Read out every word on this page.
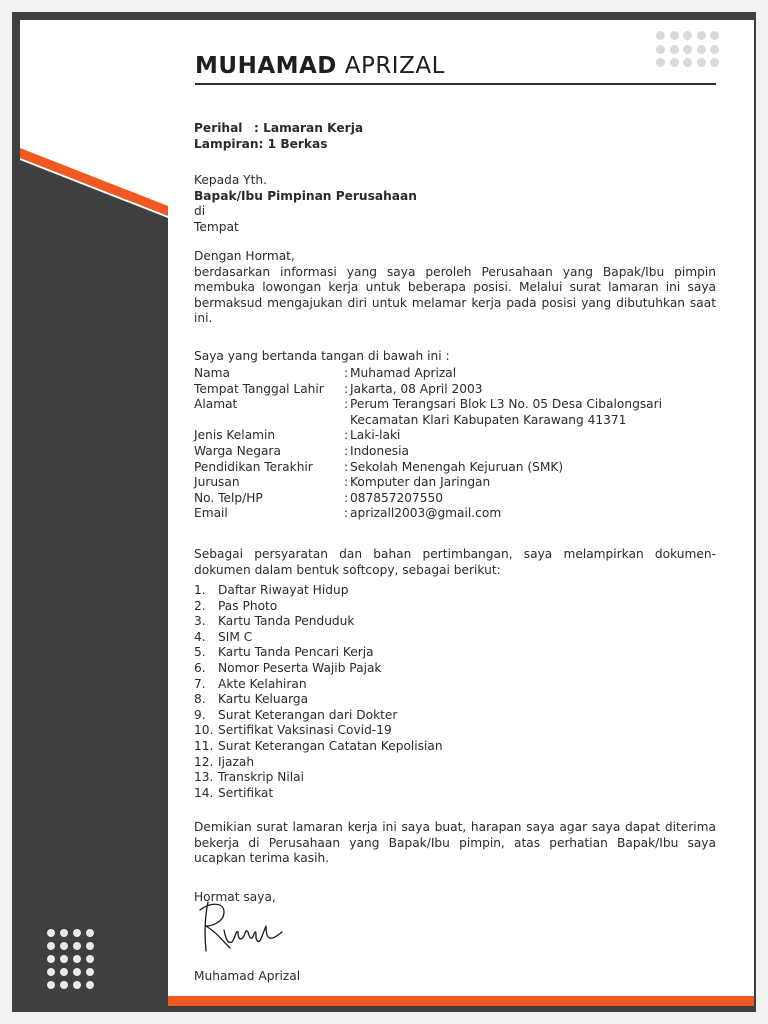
MUHAMAD APRIZAL
Perihal : Lamaran Kerja
Lampiran : 1 Berkas

Kepada Yth.

Bapak/Ibu Pimpinan Perusahaan

di

Tempat

Dengan Hormat,

berdasarkan informasi yang saya peroleh Perusahaan yang Bapak/Ibu pimpin membuka lowongan kerja untuk beberapa posisi. Melalui surat lamaran ini saya bermaksud mengajukan diri untuk melamar kerja pada posisi yang dibutuhkan saat ini.

Saya yang bertanda tangan di bawah ini :

Nama	: Muhamad Aprizal
Tempat Tanggal Lahir	: Jakarta, 08 April 2003
Alamat	: Perum Terangsari Blok L3 No. 05 Desa Cibalongsari Kecamatan Klari Kabupaten Karawang 41371
Jenis Kelamin	: Laki-laki
Warga Negara	: Indonesia
Pendidikan Terakhir	: Sekolah Menengah Kejuruan (SMK)
Jurusan	: Komputer dan Jaringan
No. Telp/HP	: 087857207550
Email	: aprizall2003@gmail.com

Sebagai persyaratan dan bahan pertimbangan, saya melampirkan dokumen-dokumen dalam bentuk softcopy, sebagai berikut:

1.	Daftar Riwayat Hidup
2.	Pas Photo
3.	Kartu Tanda Penduduk
4.	SIM C
5.	Kartu Tanda Pencari Kerja
6.	Nomor Peserta Wajib Pajak
7.	Akte Kelahiran
8.	Kartu Keluarga
9.	Surat Keterangan dari Dokter
10. Sertifikat Vaksinasi Covid-19
11. Surat Keterangan Catatan Kepolisian
12. Ijazah
13. Transkrip Nilai
14. Sertifikat

Demikian surat lamaran kerja ini saya buat, harapan saya agar saya dapat diterima bekerja di Perusahaan yang Bapak/Ibu pimpin, atas perhatian Bapak/Ibu saya ucapkan terima kasih.

Hormat saya,

Muhamad Aprizal
